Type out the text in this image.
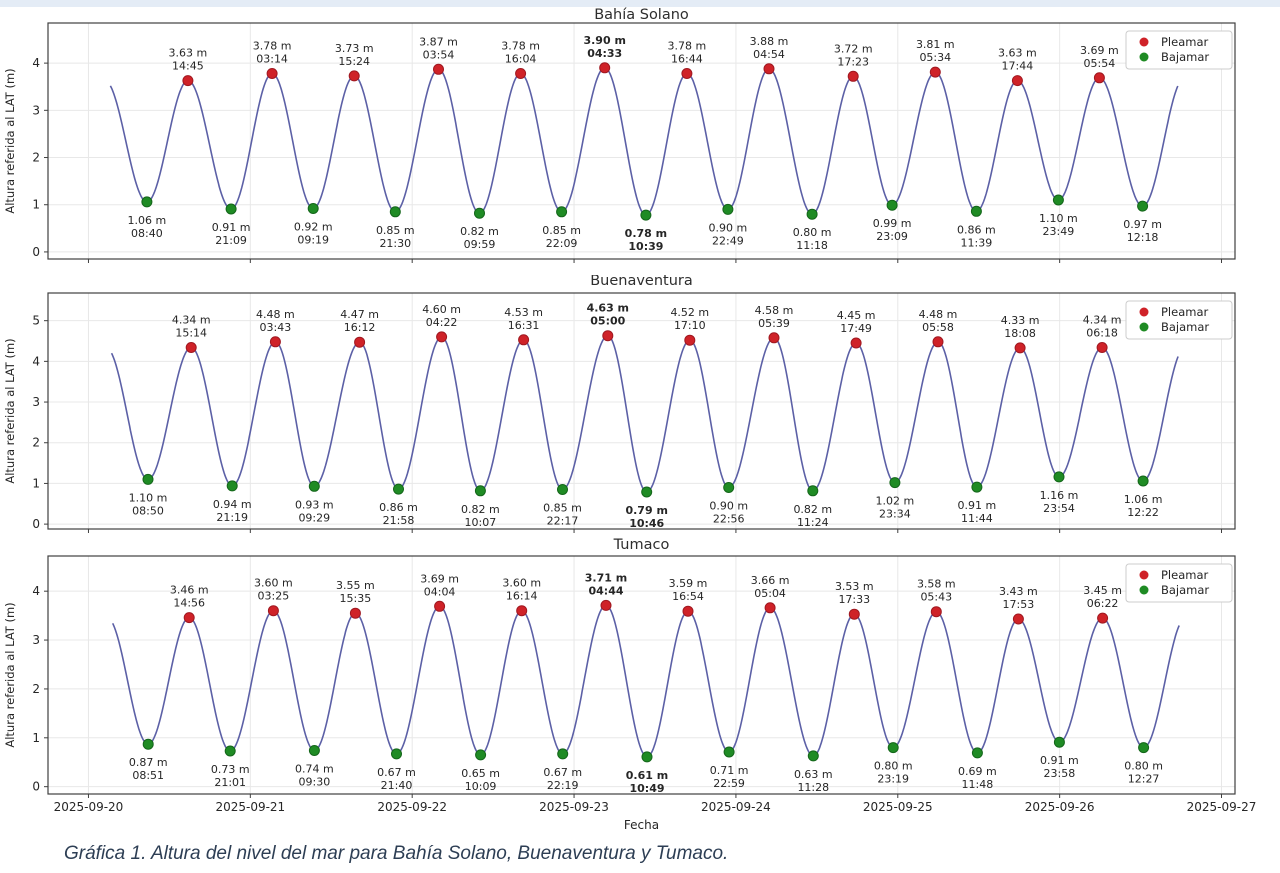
1.06 m
08:40
3.63 m
14:45
0.91 m
21:09
3.78 m
03:14
0.92 m
09:19
3.73 m
15:24
0.85 m
21:30
3.87 m
03:54
0.82 m
09:59
3.78 m
16:04
0.85 m
22:09
3.90 m
04:33
0.78 m
10:39
3.78 m
16:44
0.90 m
22:49
3.88 m
04:54
0.80 m
11:18
3.72 m
17:23
0.99 m
23:09
3.81 m
05:34
0.86 m
11:39
3.63 m
17:44
1.10 m
23:49
3.69 m
05:54
0.97 m
12:18
0
1
2
3
4
Altura referida al LAT (m)
Bahía Solano
Pleamar
Bajamar
1.10 m
08:50
4.34 m
15:14
0.94 m
21:19
4.48 m
03:43
0.93 m
09:29
4.47 m
16:12
0.86 m
21:58
4.60 m
04:22
0.82 m
10:07
4.53 m
16:31
0.85 m
22:17
4.63 m
05:00
0.79 m
10:46
4.52 m
17:10
0.90 m
22:56
4.58 m
05:39
0.82 m
11:24
4.45 m
17:49
1.02 m
23:34
4.48 m
05:58
0.91 m
11:44
4.33 m
18:08
1.16 m
23:54
4.34 m
06:18
1.06 m
12:22
0
1
2
3
4
5
Altura referida al LAT (m)
Buenaventura
Pleamar
Bajamar
0.87 m
08:51
3.46 m
14:56
0.73 m
21:01
3.60 m
03:25
0.74 m
09:30
3.55 m
15:35
0.67 m
21:40
3.69 m
04:04
0.65 m
10:09
3.60 m
16:14
0.67 m
22:19
3.71 m
04:44
0.61 m
10:49
3.59 m
16:54
0.71 m
22:59
3.66 m
05:04
0.63 m
11:28
3.53 m
17:33
0.80 m
23:19
3.58 m
05:43
0.69 m
11:48
3.43 m
17:53
0.91 m
23:58
3.45 m
06:22
0.80 m
12:27
0
1
2
3
4
2025-09-20	2025-09-21	2025-09-22	2025-09-23	2025-09-24	2025-09-25	2025-09-26	2025-09-27
Fecha
Altura referida al LAT (m)
Tumaco
Pleamar
Bajamar
Gráfica 1. Altura del nivel del mar para Bahía Solano, Buenaventura y Tumaco.
